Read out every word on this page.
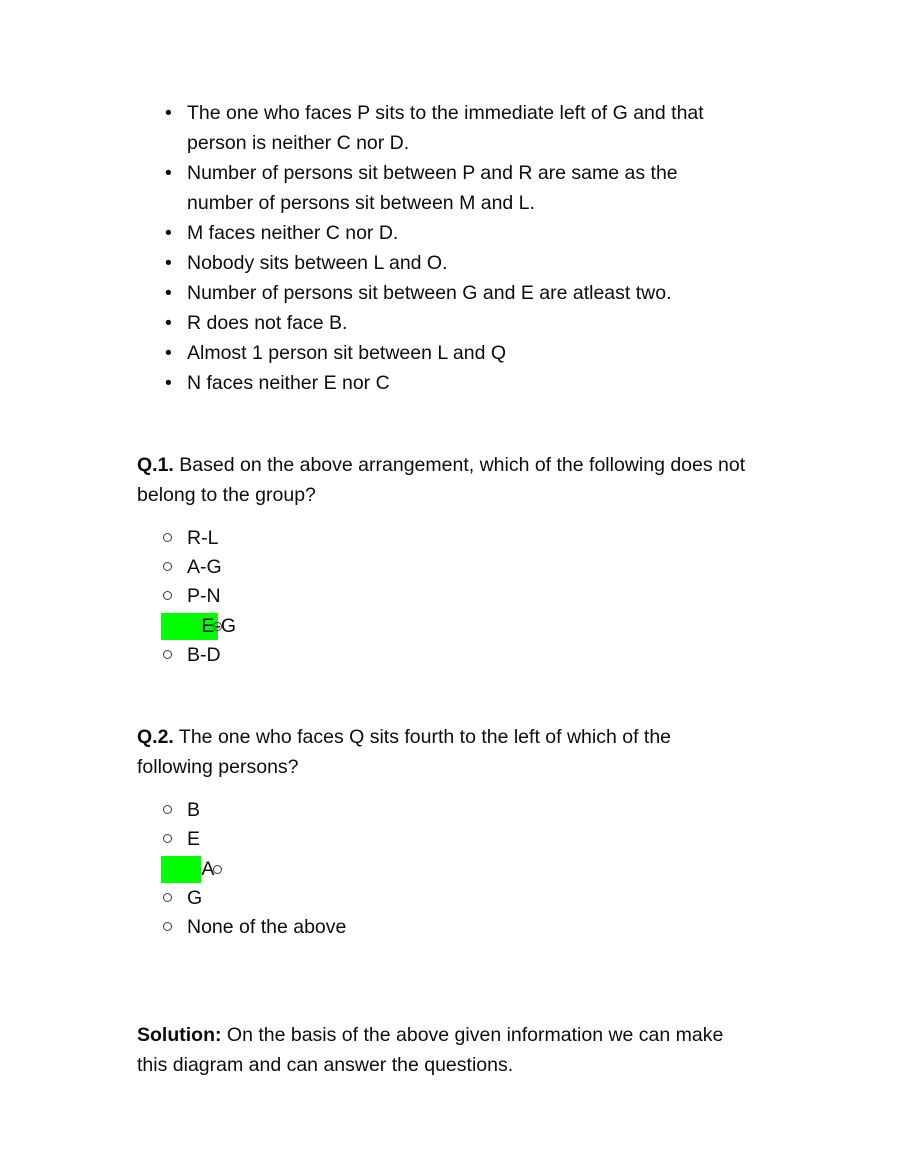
• The one who faces P sits to the immediate left of G and that person is neither C nor D.
• Number of persons sit between P and R are same as the number of persons sit between M and L.
• M faces neither C nor D.
• Nobody sits between L and O.
• Number of persons sit between G and E are atleast two.
• R does not face B.
• Almost 1 person sit between L and Q
• N faces neither E nor C

Q.1. Based on the above arrangement, which of the following does not belong to the group?

R-L
A-G
P-N
E-G
B-D

Q.2. The one who faces Q sits fourth to the left of which of the following persons?

B
E
A
G
None of the above

Solution: On the basis of the above given information we can make this diagram and can answer the questions.
